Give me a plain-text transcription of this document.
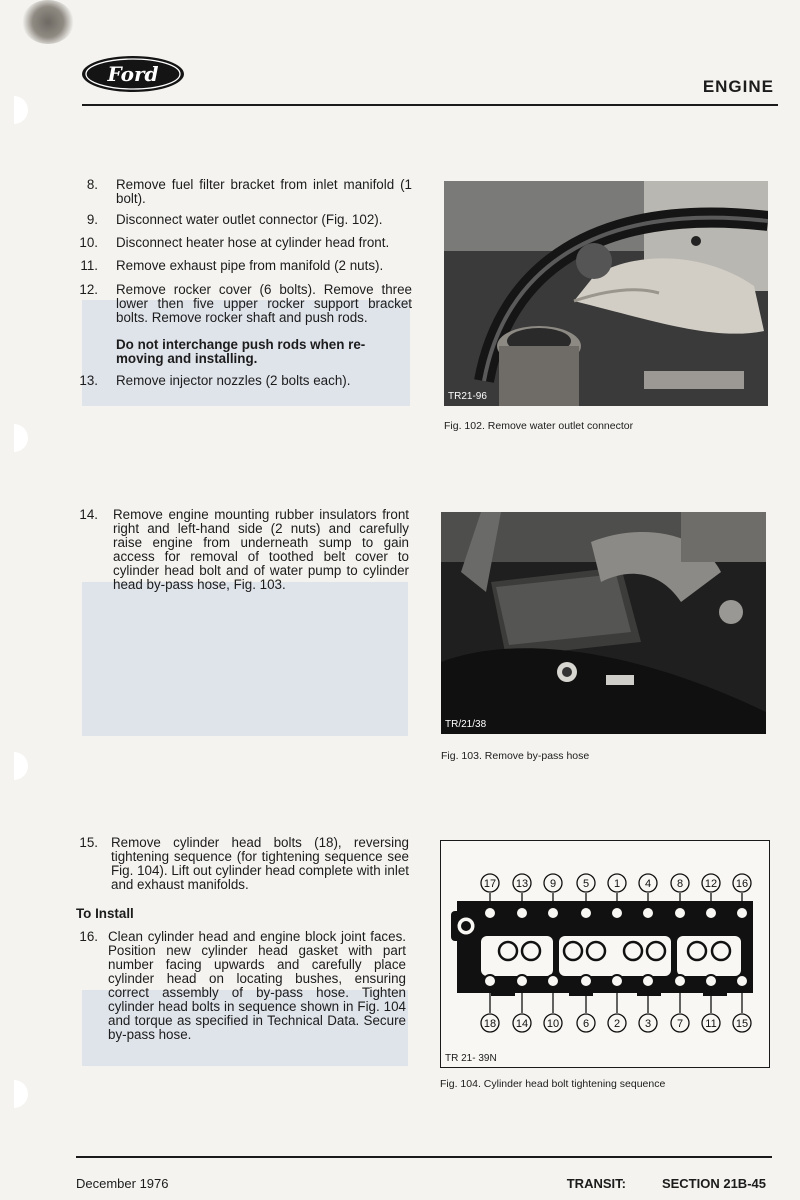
Ford
ENGINE
8. Remove fuel filter bracket from inlet manifold (1 bolt).
9. Disconnect water outlet connector (Fig. 102).
10. Disconnect heater hose at cylinder head front.
11. Remove exhaust pipe from manifold (2 nuts).
12. Remove rocker cover (6 bolts). Remove three lower then five upper rocker support bracket bolts. Remove rocker shaft and push rods.
Do not interchange push rods when re-moving and installing.
13. Remove injector nozzles (2 bolts each).
TR21-96
Fig. 102. Remove water outlet connector
14. Remove engine mounting rubber insulators front right and left-hand side (2 nuts) and carefully raise engine from underneath sump to gain access for removal of toothed belt cover to cylinder head bolt and of water pump to cylinder head by-pass hose, Fig. 103.
TR/21/38
Fig. 103. Remove by-pass hose
15. Remove cylinder head bolts (18), reversing tightening sequence (for tightening sequence see Fig. 104). Lift out cylinder head complete with inlet and exhaust manifolds.
To Install
16. Clean cylinder head and engine block joint faces. Position new cylinder head gasket with part number facing upwards and carefully place cylinder head on locating bushes, ensuring correct assembly of by-pass hose. Tighten cylinder head bolts in sequence shown in Fig. 104 and torque as specified in Technical Data. Secure by-pass hose.
17 13 9 5 1 4 8 12 16
18 14 10 6 2 3 7 11 15
TR 21- 39N
Fig. 104. Cylinder head bolt tightening sequence
December 1976	TRANSIT:	SECTION 21B-45
